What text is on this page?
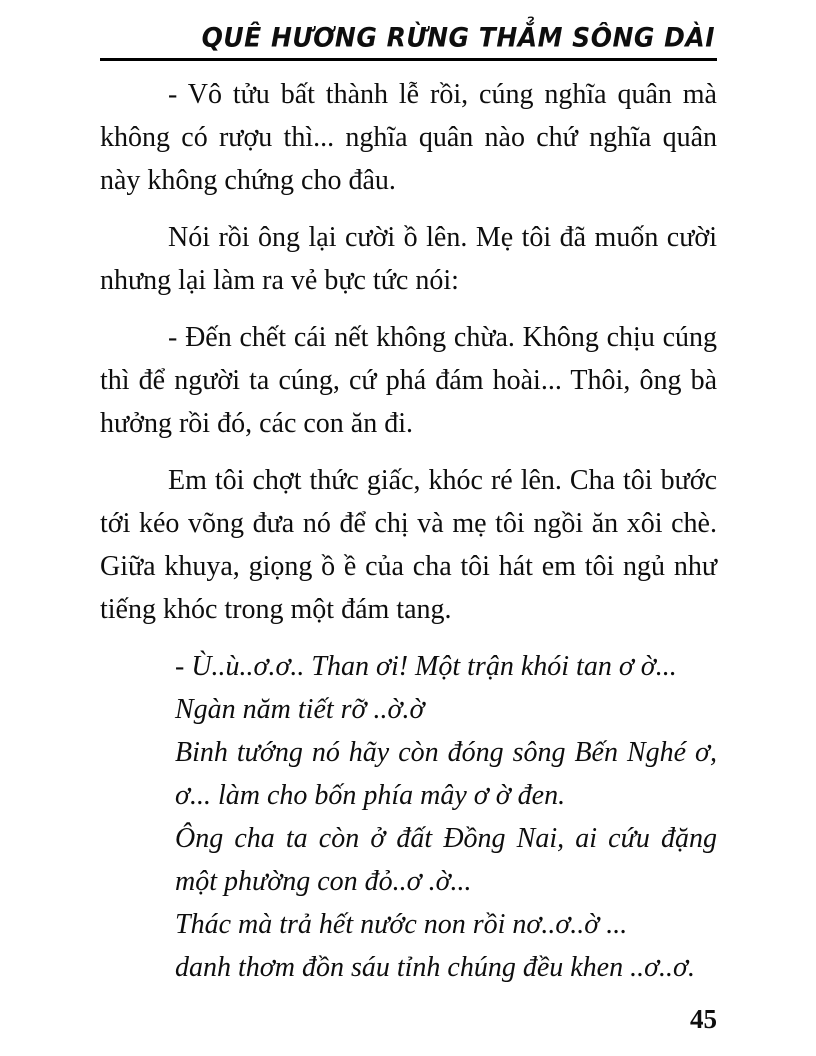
QUÊ HƯƠNG RỪNG THẲM SÔNG DÀI

- Vô tửu bất thành lễ rồi, cúng nghĩa quân mà không có rượu thì... nghĩa quân nào chứ nghĩa quân này không chứng cho đâu.

Nói rồi ông lại cười ồ lên. Mẹ tôi đã muốn cười nhưng lại làm ra vẻ bực tức nói:

- Đến chết cái nết không chừa. Không chịu cúng thì để người ta cúng, cứ phá đám hoài... Thôi, ông bà hưởng rồi đó, các con ăn đi.

Em tôi chợt thức giấc, khóc ré lên. Cha tôi bước tới kéo võng đưa nó để chị và mẹ tôi ngồi ăn xôi chè. Giữa khuya, giọng ồ ề của cha tôi hát em tôi ngủ như tiếng khóc trong một đám tang.

- Ù..ù..ơ.ơ.. Than ơi! Một trận khói tan ơ ờ...

Ngàn năm tiết rỡ ..ờ.ờ

Binh tướng nó hãy còn đóng sông Bến Nghé ơ, ơ... làm cho bốn phía mây ơ ờ đen.

Ông cha ta còn ở đất Đồng Nai, ai cứu đặng một phường con đỏ..ơ .ờ...

Thác mà trả hết nước non rồi nơ..ơ..ờ ...

danh thơm đồn sáu tỉnh chúng đều khen ..ơ..ơ.

45
